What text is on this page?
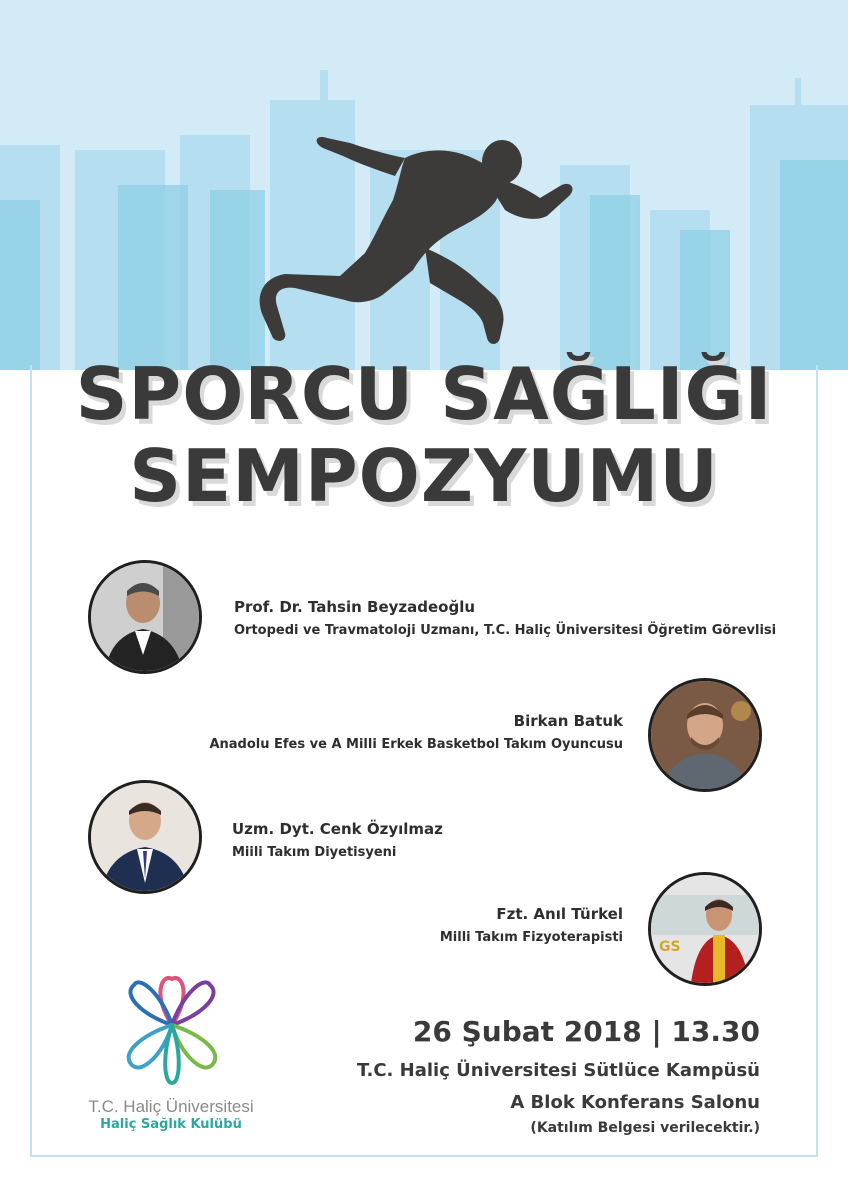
SPORCU SAĞLIĞI
SEMPOZYUMU

Prof. Dr. Tahsin Beyzadeoğlu

Ortopedi ve Travmatoloji Uzmanı, T.C. Haliç Üniversitesi Öğretim Görevlisi

Birkan Batuk

Anadolu Efes ve A Milli Erkek Basketbol Takım Oyuncusu

Uzm. Dyt. Cenk Özyılmaz

Miili Takım Diyetisyeni

GS

Fzt. Anıl Türkel

Milli Takım Fizyoterapisti

T.C. Haliç Üniversitesi
Haliç Sağlık Kulübü
26 Şubat 2018 | 13.30
T.C. Haliç Üniversitesi Sütlüce Kampüsü
A Blok Konferans Salonu
(Katılım Belgesi verilecektir.)
